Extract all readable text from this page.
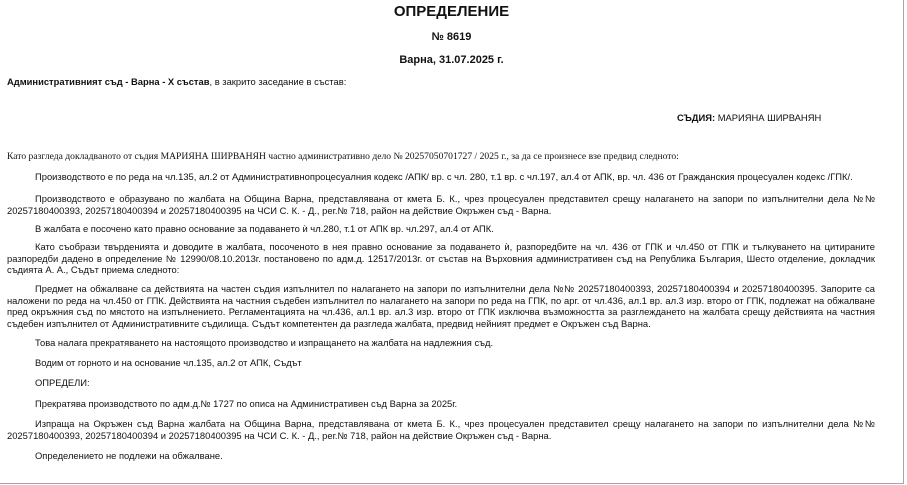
ОПРЕДЕЛЕНИЕ
№ 8619
Варна, 31.07.2025 г.
Административният съд - Варна - X състав, в закрито заседание в състав:
СЪДИЯ: МАРИЯНА ШИРВАНЯН
Като разгледа докладваното от съдия МАРИЯНА ШИРВАНЯН частно административно дело № 20257050701727 / 2025 г., за да се произнесе взе предвид следното:

Производството е по реда на чл.135, ал.2 от Административнопроцесуалния кодекс /АПК/ вр. с чл. 280, т.1 вр. с чл.197, ал.4 от АПК, вр. чл. 436 от Гражданския процесуален кодекс /ГПК/.

Производството е образувано по жалбата на Община Варна, представлявана от кмета Б. К., чрез процесуален представител срещу налагането на запори по изпълнителни дела №№ 20257180400393, 20257180400394 и 20257180400395 на ЧСИ С. К. - Д., рег.№ 718, район на действие Окръжен съд - Варна.

В жалбата е посочено като правно основание за подаването ѝ чл.280, т.1 от АПК вр. чл.297, ал.4 от АПК.

Като съобрази твърденията и доводите в жалбата, посоченото в нея правно основание за подаването ѝ, разпоредбите на чл. 436 от ГПК и чл.450 от ГПК и тълкуването на цитираните разпоредби дадено в определение № 12990/08.10.2013г. постановено по адм.д. 12517/2013г. от състав на Върховния административен съд на Република България, Шесто отделение, докладчик съдията А. А., Съдът приема следното:

Предмет на обжалване са действията на частен съдия изпълнител по налагането на запори по изпълнителни дела №№ 20257180400393, 20257180400394 и 20257180400395. Запорите са наложени по реда на чл.450 от ГПК. Действията на частния съдебен изпълнител по налагането на запори по реда на ГПК, по арг. от чл.436, ал.1 вр. ал.3 изр. второ от ГПК, подлежат на обжалване пред окръжния съд по мястото на изпълнението. Регламентацията на чл.436, ал.1 вр. ал.3 изр. второ от ГПК изключва възможността за разглеждането на жалбата срещу действията на частния съдебен изпълнител от Административните съдилища. Съдът компетентен да разгледа жалбата, предвид нейният предмет е Окръжен съд Варна.

Това налага прекратяването на настоящото производство и изпращането на жалбата на надлежния съд.

Водим от горното и на основание чл.135, ал.2 от АПК, Съдът

ОПРЕДЕЛИ:

Прекратява производството по адм.д.№ 1727 по описа на Административен съд Варна за 2025г.

Изпраща на Окръжен съд Варна жалбата на Община Варна, представлявана от кмета Б. К., чрез процесуален представител срещу налагането на запори по изпълнителни дела №№ 20257180400393, 20257180400394 и 20257180400395 на ЧСИ С. К. - Д., рег.№ 718, район на действие Окръжен съд - Варна.

Определението не подлежи на обжалване.
